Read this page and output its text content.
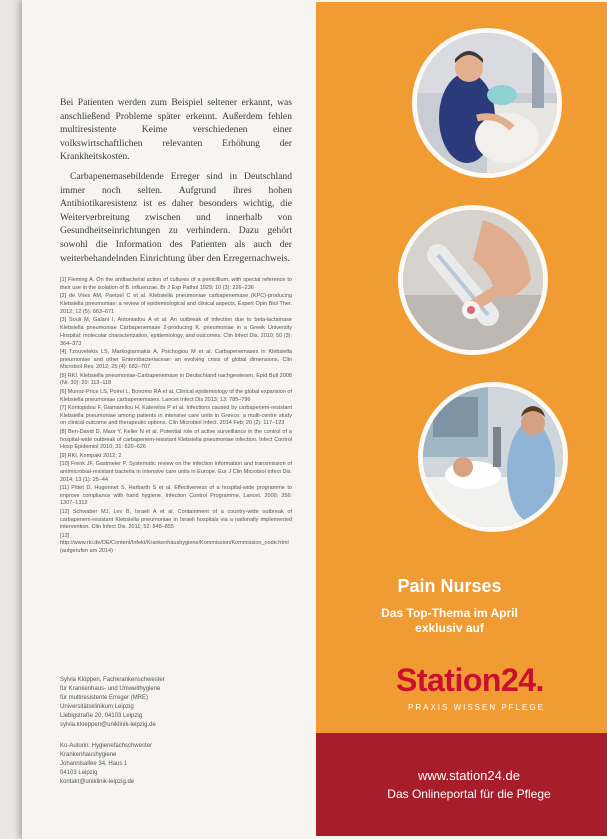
Bei Patienten werden zum Beispiel seltener erkannt, was anschließend Probleme später erkennt. Außerdem fehlen multiresistente Keime verschiedenen einer volkswirtschaftlichen relevanten Erhöhung der Krankheitskosten.

Carbapenemasebildende Erreger sind in Deutschland immer noch selten. Aufgrund ihres hohen Antibiotikaresistenz ist es daher besonders wichtig, die Weiterverbreitung zwischen und innerhalb von Gesundheitseinrichtungen zu verhindern. Dazu gehört sowohl die Information des Patienten als auch der weiterbehandelnden Einrichtung über den Erregernachweis.

[1] Fleming A. On the antibacterial action of cultures of a penicillium, with special reference to their use in the isolation of B. influenzae. Br J Exp Pathol 1929; 10 (3): 226–236
[2] de Vries AM, Paetzel C et al. Klebsiella pneumoniae carbapenemase (KPC)-producing Klebsiella pneumoniae: a review of epidemiological and clinical aspects. Expert Opin Biol Ther. 2012; 12 (5): 663–671
[3] Souli M, Galani I, Antoniadou A et al. An outbreak of infection due to beta-lactamase Klebsiella pneumoniae Carbapenemase 2-producing K. pneumoniae in a Greek University Hospital: molecular characterization, epidemiology, and outcomes. Clin Infect Dis. 2010; 50 (3): 364–373
[4] Tzouvelekis LS, Markogiannakis A, Psichogiou M et al. Carbapenemases in Klebsiella pneumoniae and other Enterobacteriaceae: an evolving crisis of global dimensions. Clin Microbiol Rev. 2012; 25 (4): 682–707
[5] RKI. Klebsiella pneumoniae-Carbapenemase in Deutschland nachgewiesen. Epid Bull 2008 (Nr. 30): 20: 113–118
[6] Munoz-Price LS, Poirel L, Bonomo RA et al. Clinical epidemiology of the global expansion of Klebsiella pneumoniae carbapenemases. Lancet Infect Dis 2013; 13: 785–796
[7] Kontopidou F, Giamarellou H, Katerelos P et al. Infections caused by carbapenem-resistant Klebsiella pneumoniae among patients in intensive care units in Greece: a multi-centre study on clinical outcome and therapeutic options. Clin Microbiol Infect. 2014 Feb; 20 (2): 117–123
[8] Ben-David D, Maor Y, Keller N et al. Potential role of active surveillance in the control of a hospital-wide outbreak of carbapenem-resistant Klebsiella pneumoniae infection. Infect Control Hosp Epidemiol 2010; 31: 620–626
[9] RKI. Kompakt 2012; 2
[10] Frenk JF, Gastmeier P. Systematic review on the infection information and transmission of antimicrobial-resistant bacteria in intensive care units in Europe. Eur J Clin Microbiol Infect Dis. 2014; 13 (1): 25–44
[11] Pittet D, Hugonnet S, Harbarth S et al. Effectiveness of a hospital-wide programme to improve compliance with hand hygiene. Infection Control Programme. Lancet. 2000; 356: 1307–1312
[12] Schwaber MJ, Lev B, Israeli A et al. Containment of a country-wide outbreak of carbapenem-resistant Klebsiella pneumoniae in Israeli hospitals via a nationally implemented intervention. Clin Infect Dis. 2011; 52: 848–855
[13] http://www.rki.de/DE/Content/Infekt/Krankenhaushygiene/Kommission/Kommission_node.html (aufgerufen am 2014)
Sylvia Klöppen, Fachkrankenschwester
für Krankenhaus- und Umwelthygiene
für multiresistente Erreger (MRE)
Universitätsklinikum Leipzig
Liebigstraße 20, 04103 Leipzig
sylvia.kloeppen@uniklinik-leipzig.de
Ko-Autorin: Hygienefachschwester
Krankenhaushygiene
Johannisallee 34, Haus 1
04103 Leipzig
kontakt@uniklinik-leipzig.de
Pain Nurses
Das Top-Thema im April
exklusiv auf
Station24.
PRAXIS WISSEN PFLEGE
www.station24.de
Das Onlineportal für die Pflege
